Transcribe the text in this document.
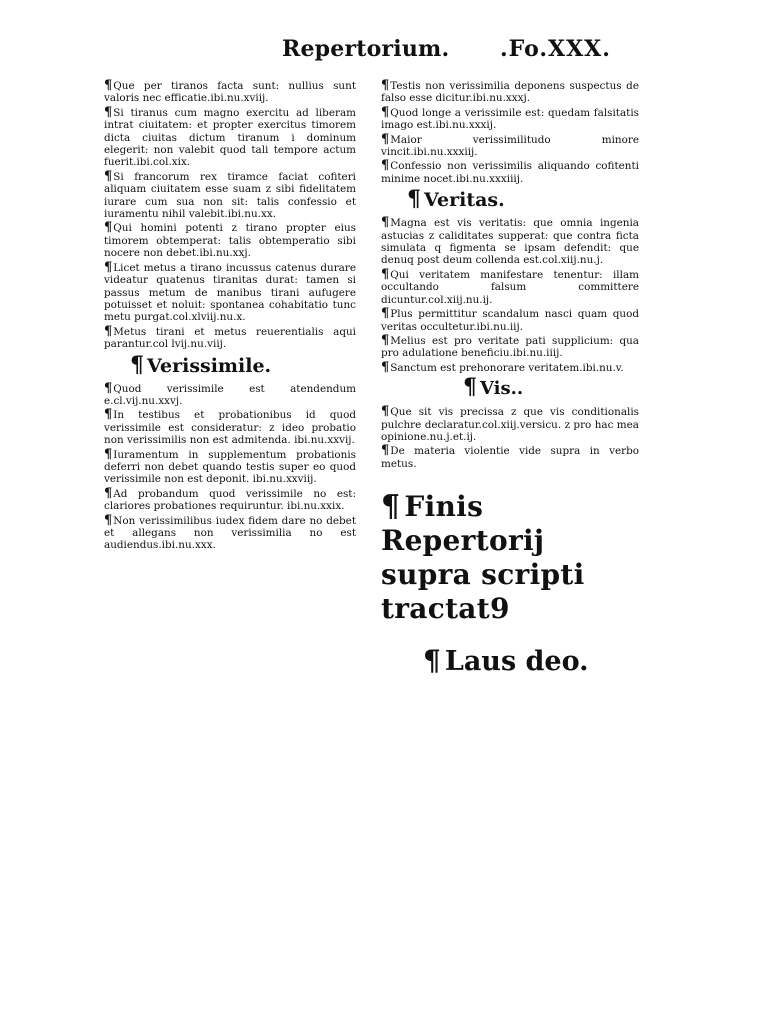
Repertorium. .Fo.XXX.

¶Que per tiranos facta sunt: nullius sunt valoris nec efficatie.ibi.nu.xviij.

¶Si tiranus cum magno exercitu ad liberam intrat ciuitatem: et propter exercitus timorem dicta ciuitas dictum tiranum i dominum elegerit: non valebit quod tali tempore actum fuerit.ibi.col.xix.

¶Si francorum rex tiramce faciat cofiteri aliquam ciuitatem esse suam z sibi fidelitatem iurare cum sua non sit: talis confessio et iuramentu nihil valebit.ibi.nu.xx.

¶Qui homini potenti z tirano propter eius timorem obtemperat: talis obtemperatio sibi nocere non debet.ibi.nu.xxj.

¶Licet metus a tirano incussus catenus durare videatur quatenus tiranitas durat: tamen si passus metum de manibus tirani aufugere potuisset et noluit: spontanea cohabitatio tunc metu purgat.col.xlviij.nu.x.

¶Metus tirani et metus reuerentialis aqui parantur.col lvij.nu.viij.

¶ Verissimile.

¶Quod verissimile est atendendum e.cl.vij.nu.xxvj.

¶In testibus et probationibus id quod verissimile est consideratur: z ideo probatio non verissimilis non est admitenda. ibi.nu.xxvij.

¶Iuramentum in supplementum probationis deferri non debet quando testis super eo quod verissimile non est deponit. ibi.nu.xxviij.

¶Ad probandum quod verissimile no est: clariores probationes requiruntur. ibi.nu.xxix.

¶Non verissimilibus iudex fidem dare no debet et allegans non verissimilia no est audiendus.ibi.nu.xxx.

¶Testis non verissimilia deponens suspectus de falso esse dicitur.ibi.nu.xxxj.

¶Quod longe a verissimile est: quedam falsitatis imago est.ibi.nu.xxxij.

¶Maior verissimilitudo minore vincit.ibi.nu.xxxiij.

¶Confessio non verissimilis aliquando cofitenti minime nocet.ibi.nu.xxxiiij.

¶ Veritas.

¶Magna est vis veritatis: que omnia ingenia astucias z caliditates supperat: que contra ficta simulata q figmenta se ipsam defendit: que denuq post deum collenda est.col.xiij.nu.j.

¶Qui veritatem manifestare tenentur: illam occultando falsum committere dicuntur.col.xiij.nu.ij.

¶Plus permittitur scandalum nasci quam quod veritas occultetur.ibi.nu.iij.

¶Melius est pro veritate pati supplicium: qua pro adulatione beneficiu.ibi.nu.iiij.

¶Sanctum est prehonorare veritatem.ibi.nu.v.

¶ Vis..

¶Que sit vis precissa z que vis conditionalis pulchre declaratur.col.xiij.versicu. z pro hac mea opinione.nu.j.et.ij.

¶De materia violentie vide supra in verbo metus.

¶ Finis Repertorij
supra scripti tractat9
¶ Laus deo.
